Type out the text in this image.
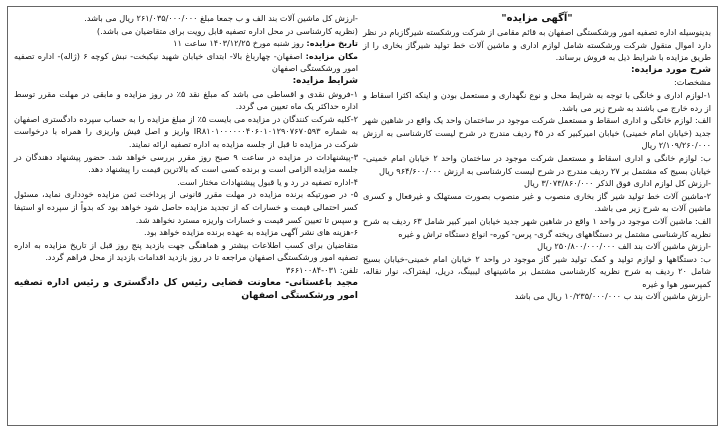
"آگهی مزایده"

بدینوسیله اداره تصفیه امور ورشکستگی اصفهان به قائم مقامی از شرکت ورشکسته شیرگازبام در نظر دارد اموال منقول شرکت ورشکسته شامل لوازم اداری و ماشین آلات خط تولید شیرگاز بخاری را از طریق مزایده با شرایط ذیل به فروش برساند.

شرح مورد مزایده:

مشخصات:

۱-لوازم اداری و خانگی با توجه به شرایط محل و نوع نگهداری و مستعمل بودن و اینکه اکثرا اسقاط و از رده خارج می باشند به شرح زیر می باشد.

الف: لوازم خانگی و اداری اسقاط و مستعمل شرکت موجود در ساختمان واحد یک واقع در شاهین شهر جدید (خیابان امام خمینی) خیابان امیرکبیر که در ۴۵ ردیف مندرج در شرح لیست کارشناسی به ارزش ۲/۱۰۹/۲۶۰/۰۰۰ ریال

ب: لوازم خانگی و اداری اسقاط و مستعمل شرکت موجود در ساختمان واحد ۲ خیابان امام خمینی-خیابان بسیج که مشتمل بر ۲۷ ردیف مندرج در شرح لیست کارشناسی به ارزش ۹۶۴/۶۰۰/۰۰۰ ریال

-ارزش کل لوازم اداری فوق الذکر ۳/۰۷۳/۸۶۰/۰۰۰ ریال

۲-ماشین آلات خط تولید شیر گاز بخاری منصوب و غیر منصوب بصورت مستهلک و غیرفعال و کسری ماشین آلات به شرح زیر می باشد.

الف: ماشین آلات موجود در واحد ۱ واقع در شاهین شهر جدید خیابان امیر کبیر شامل ۶۳ ردیف به شرح نظریه کارشناسی مشتمل بر دستگاههای ریخته گری- پرس- کوره- انواع دستگاه تراش و غیره

-ارزش ماشین آلات بند الف ۲۵۰/۸۰۰/۰۰۰/۰۰۰ ریال

ب: دستگاهها و لوازم تولید و کمک تولید شیر گاز موجود در واحد ۲ خیابان امام خمینی-خیابان بسیج شامل ۲۰ ردیف به شرح نظریه کارشناسی مشتمل بر ماشینهای لیبینگ، دریل، لیفتراک، نوار نقاله، کمپرسور هوا و غیره

-ارزش ماشین آلات بند ب ۱۰/۲۳۵/۰۰۰/۰۰۰ ریال می باشد

-ارزش کل ماشین آلات بند الف و ب جمعا مبلغ ۲۶۱/۰۳۵/۰۰۰/۰۰۰ ریال می باشد.

(نظریه کارشناسی در محل اداره تصفیه قابل رویت برای متقاضیان می باشد.)

تاریخ مزایده: روز شنبه مورخ ۱۴۰۳/۱۲/۲۵ ساعت ۱۱

مکان مزایده: اصفهان- چهارباغ بالا- ابتدای خیابان شهید نیکبخت- نبش کوچه ۶ (ژاله)- اداره تصفیه امور ورشکستگی اصفهان

شرایط مزایده:

۱-فروش نقدی و اقساطی می باشد که مبلغ نقد ۵٪ در روز مزایده و مابقی در مهلت مقرر توسط اداره حداکثر یک ماه تعیین می گردد.

۲-کلیه شرکت کنندگان در مزایده می بایست ۵٪ از مبلغ مزایده را به حساب سپرده دادگستری اصفهان به شماره IR۸۱۰۱۰۰۰۰۰۰۴۰۶۰۱۰۱۲۹۰۷۶۷۰۵۹۳ واریز و اصل فیش واریزی را همراه با درخواست شرکت در مزایده تا قبل از جلسه مزایده به اداره تصفیه ارائه نمایند.

۳-پیشنهادات در مزایده در ساعت ۹ صبح روز مقرر بررسی خواهد شد. حضور پیشنهاد دهندگان در جلسه مزایده الزامی است و برنده کسی است که بالاترین قیمت را پیشنهاد دهد.

۴-اداره تصفیه در رد و یا قبول پیشنهادات مختار است.

۵- در صورتیکه برنده مزایده در مهلت مقرر قانونی از پرداخت ثمن مزایده خودداری نماید، مسئول کسر احتمالی قیمت و خسارات که از تجدید مزایده حاصل شود خواهد بود که بدواً از سپرده او استیفا و سپس تا تعیین کسر قیمت و خسارات واریزه مسترد نخواهد شد.

۶-هزینه های نشر آگهی مزایده به عهده برنده مزایده خواهد بود.

متقاضیان برای کسب اطلاعات بیشتر و هماهنگی جهت بازدید پنج روز قبل از تاریخ مزایده به اداره تصفیه امور ورشکستگی اصفهان مراجعه تا در روز بازدید اقدامات بازدید از محل فراهم گردد.

تلفن: ۰۳۱-۳۶۶۱۰۰۸۴

مجید باغستانی- معاونت قضایی رئیس کل دادگستری و رئیس اداره تصفیه امور ورشکستگی اصفهان
